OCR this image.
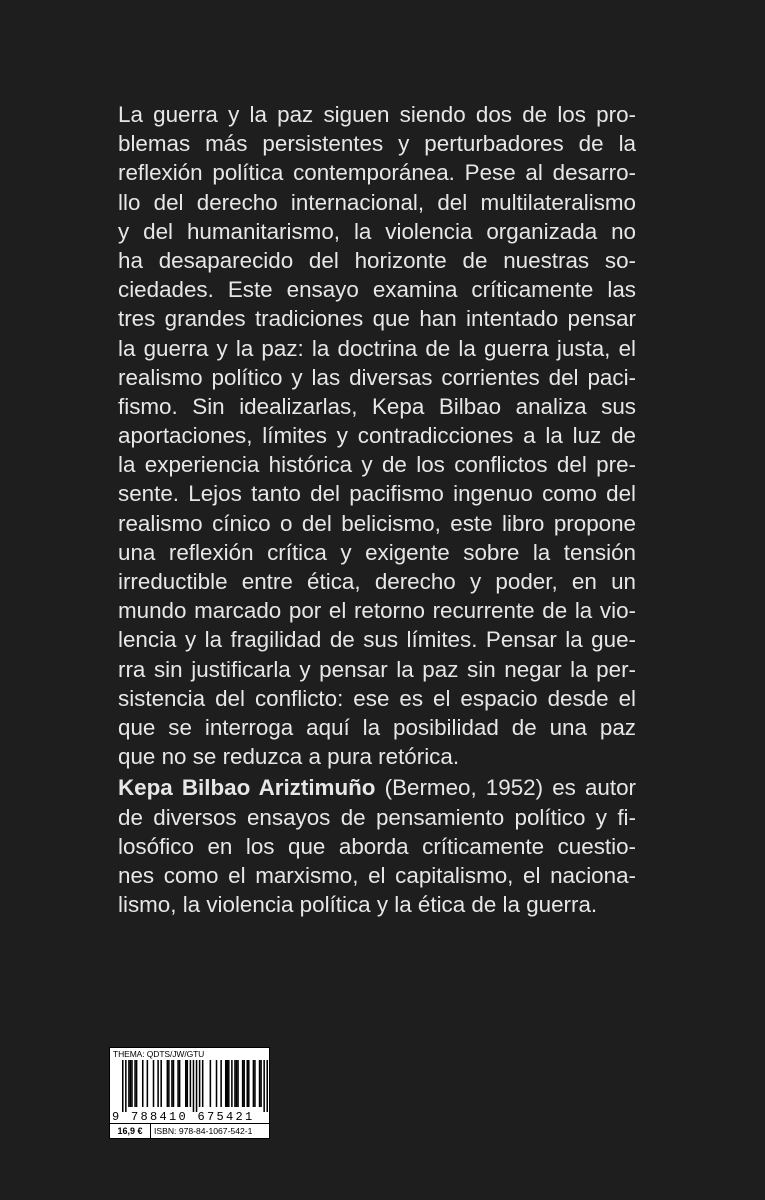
La guerra y la paz siguen siendo dos de los pro-
blemas más persistentes y perturbadores de la
reflexión política contemporánea. Pese al desarro-
llo del derecho internacional, del multilateralismo
y del humanitarismo, la violencia organizada no
ha desaparecido del horizonte de nuestras so-
ciedades. Este ensayo examina críticamente las
tres grandes tradiciones que han intentado pensar
la guerra y la paz: la doctrina de la guerra justa, el
realismo político y las diversas corrientes del paci-
fismo. Sin idealizarlas, Kepa Bilbao analiza sus
aportaciones, límites y contradicciones a la luz de
la experiencia histórica y de los conflictos del pre-
sente. Lejos tanto del pacifismo ingenuo como del
realismo cínico o del belicismo, este libro propone
una reflexión crítica y exigente sobre la tensión
irreductible entre ética, derecho y poder, en un
mundo marcado por el retorno recurrente de la vio-
lencia y la fragilidad de sus límites. Pensar la gue-
rra sin justificarla y pensar la paz sin negar la per-
sistencia del conflicto: ese es el espacio desde el
que se interroga aquí la posibilidad de una paz
que no se reduzca a pura retórica.
Kepa Bilbao Ariztimuño (Bermeo, 1952) es autor
de diversos ensayos de pensamiento político y fi-
losófico en los que aborda críticamente cuestio-
nes como el marxismo, el capitalismo, el naciona-
lismo, la violencia política y la ética de la guerra.
THEMA: QDTS/JW/GTU
9 788410 675421
16,9 €	ISBN: 978-84-1067-542-1
